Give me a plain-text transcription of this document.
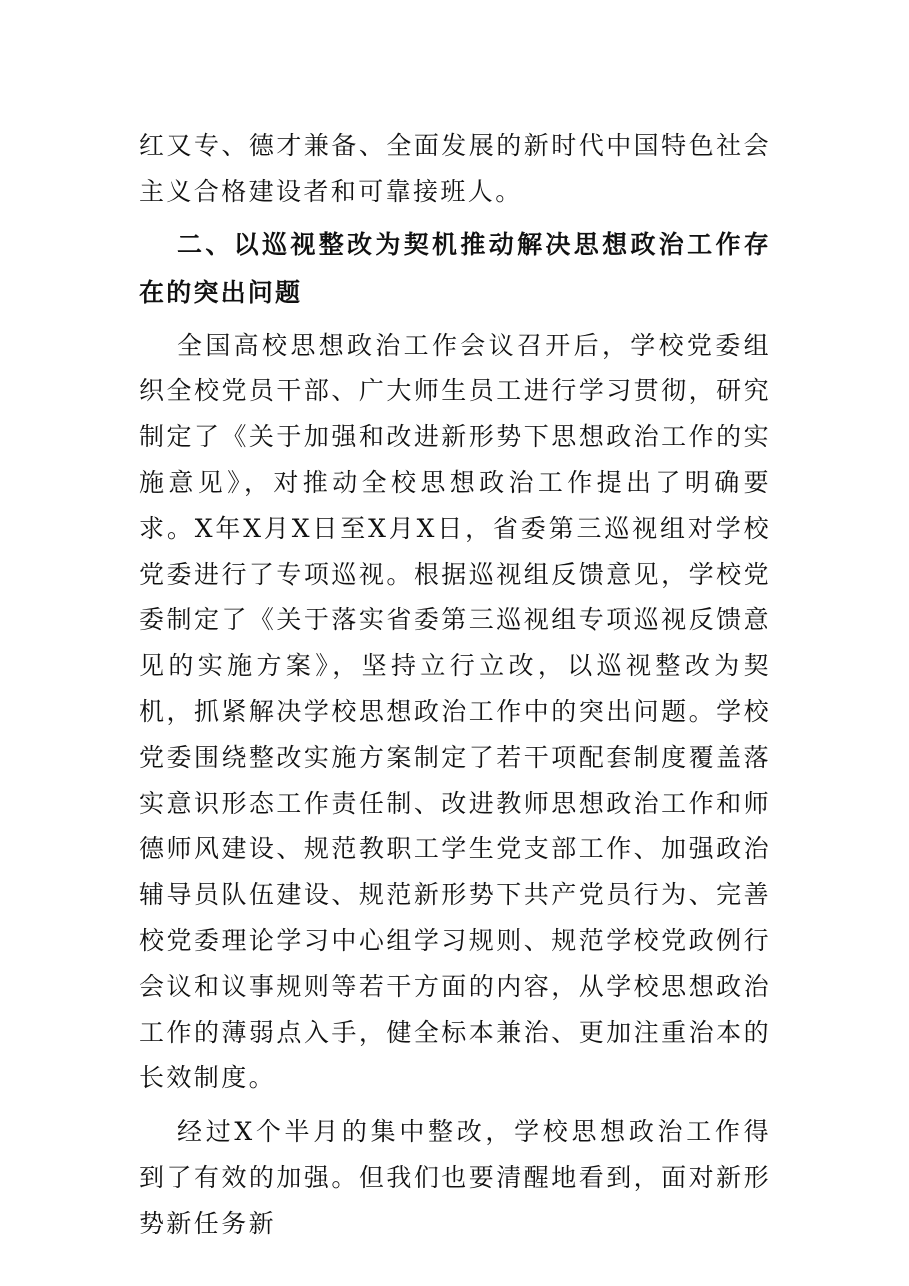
红又专、德才兼备、全面发展的新时代中国特色社会主义合格建设者和可靠接班人。

二、以巡视整改为契机推动解决思想政治工作存在的突出问题

全国高校思想政治工作会议召开后，学校党委组织全校党员干部、广大师生员工进行学习贯彻，研究制定了《关于加强和改进新形势下思想政治工作的实施意见》，对推动全校思想政治工作提出了明确要求。X年X月X日至X月X日，省委第三巡视组对学校党委进行了专项巡视。根据巡视组反馈意见，学校党委制定了《关于落实省委第三巡视组专项巡视反馈意见的实施方案》，坚持立行立改，以巡视整改为契机，抓紧解决学校思想政治工作中的突出问题。学校党委围绕整改实施方案制定了若干项配套制度覆盖落实意识形态工作责任制、改进教师思想政治工作和师德师风建设、规范教职工学生党支部工作、加强政治辅导员队伍建设、规范新形势下共产党员行为、完善校党委理论学习中心组学习规则、规范学校党政例行会议和议事规则等若干方面的内容，从学校思想政治工作的薄弱点入手，健全标本兼治、更加注重治本的长效制度。

经过X个半月的集中整改，学校思想政治工作得到了有效的加强。但我们也要清醒地看到，面对新形势新任务新
